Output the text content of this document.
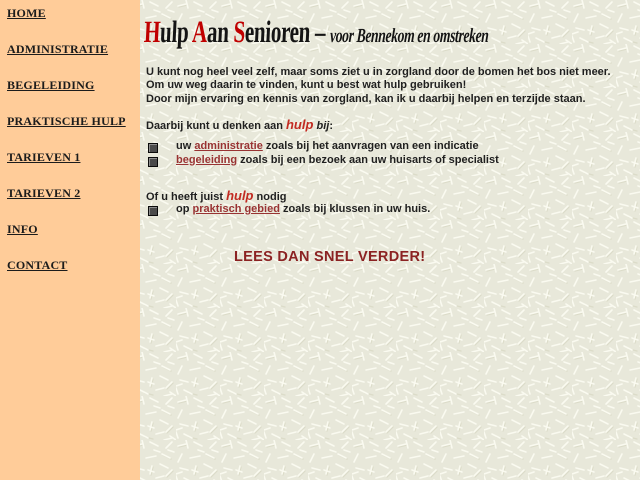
HOME
ADMINISTRATIE
BEGELEIDING
PRAKTISCHE HULP
TARIEVEN 1
TARIEVEN 2
INFO
CONTACT
Hulp Aan Senioren – voor Bennekom en omstreken
U kunt nog heel veel zelf, maar soms ziet u in zorgland door de bomen het bos niet meer.
Om uw weg daarin te vinden, kunt u best wat hulp gebruiken!
Door mijn ervaring en kennis van zorgland, kan ik u daarbij helpen en terzijde staan.
Daarbij kunt u denken aan hulp bij:
uw administratie zoals bij het aanvragen van een indicatie
begeleiding zoals bij een bezoek aan uw huisarts of specialist
Of u heeft juist hulp nodig
op praktisch gebied zoals bij klussen in uw huis.
LEES DAN SNEL VERDER!
